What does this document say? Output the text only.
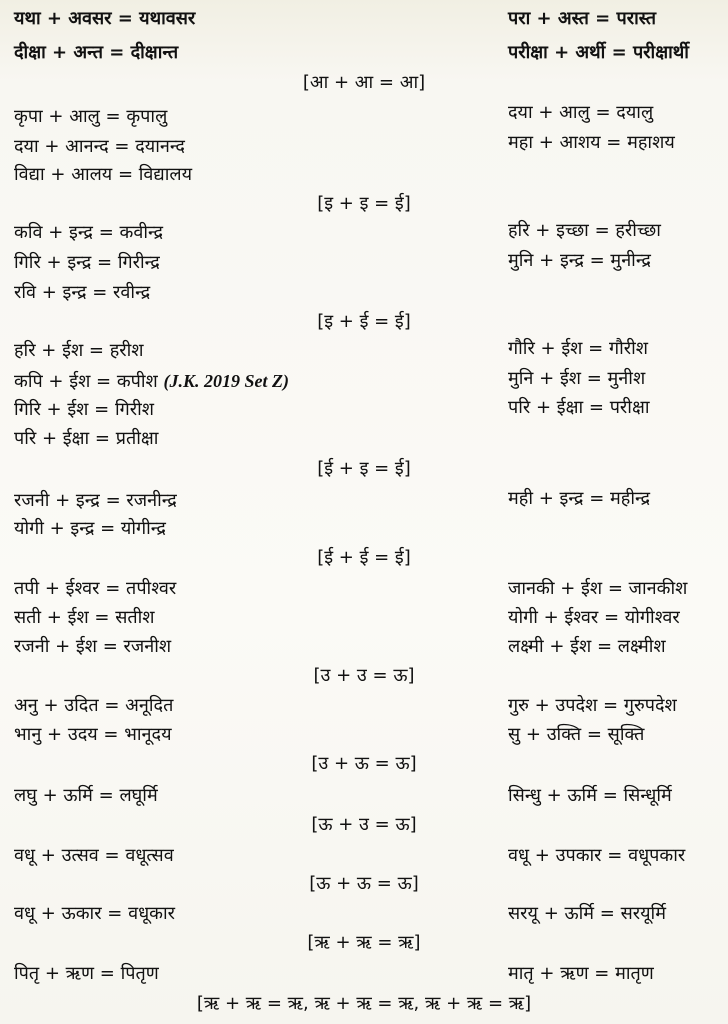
यथा + अवसर = यथावसर	परा + अस्त = परास्त
दीक्षा + अन्त = दीक्षान्त	परीक्षा + अर्थी = परीक्षार्थी
[आ + आ = आ]
कृपा + आलु = कृपालु	दया + आलु = दयालु
दया + आनन्द = दयानन्द	महा + आशय = महाशय
विद्या + आलय = विद्यालय
[इ + इ = ई]
कवि + इन्द्र = कवीन्द्र	हरि + इच्छा = हरीच्छा
गिरि + इन्द्र = गिरीन्द्र	मुनि + इन्द्र = मुनीन्द्र
रवि + इन्द्र = रवीन्द्र
[इ + ई = ई]
हरि + ईश = हरीश	गौरि + ईश = गौरीश
कपि + ईश = कपीश (J.K. 2019 Set Z)	मुनि + ईश = मुनीश
गिरि + ईश = गिरीश	परि + ईक्षा = परीक्षा
परि + ईक्षा = प्रतीक्षा
[ई + इ = ई]
रजनी + इन्द्र = रजनीन्द्र	मही + इन्द्र = महीन्द्र
योगी + इन्द्र = योगीन्द्र
[ई + ई = ई]
तपी + ईश्वर = तपीश्वर	जानकी + ईश = जानकीश
सती + ईश = सतीश	योगी + ईश्वर = योगीश्वर
रजनी + ईश = रजनीश	लक्ष्मी + ईश = लक्ष्मीश
[उ + उ = ऊ]
अनु + उदित = अनूदित	गुरु + उपदेश = गुरुपदेश
भानु + उदय = भानूदय	सु + उक्ति = सूक्ति
[उ + ऊ = ऊ]
लघु + ऊर्मि = लघूर्मि	सिन्धु + ऊर्मि = सिन्धूर्मि
[ऊ + उ = ऊ]
वधू + उत्सव = वधूत्सव	वधू + उपकार = वधूपकार
[ऊ + ऊ = ऊ]
वधू + ऊकार = वधूकार	सरयू + ऊर्मि = सरयूर्मि
[ऋ + ऋ = ऋ]
पितृ + ऋण = पितृण	मातृ + ऋण = मातृण
[ऋ + ऋ = ऋ, ऋ + ऋ = ऋ, ऋ + ऋ = ऋ]
